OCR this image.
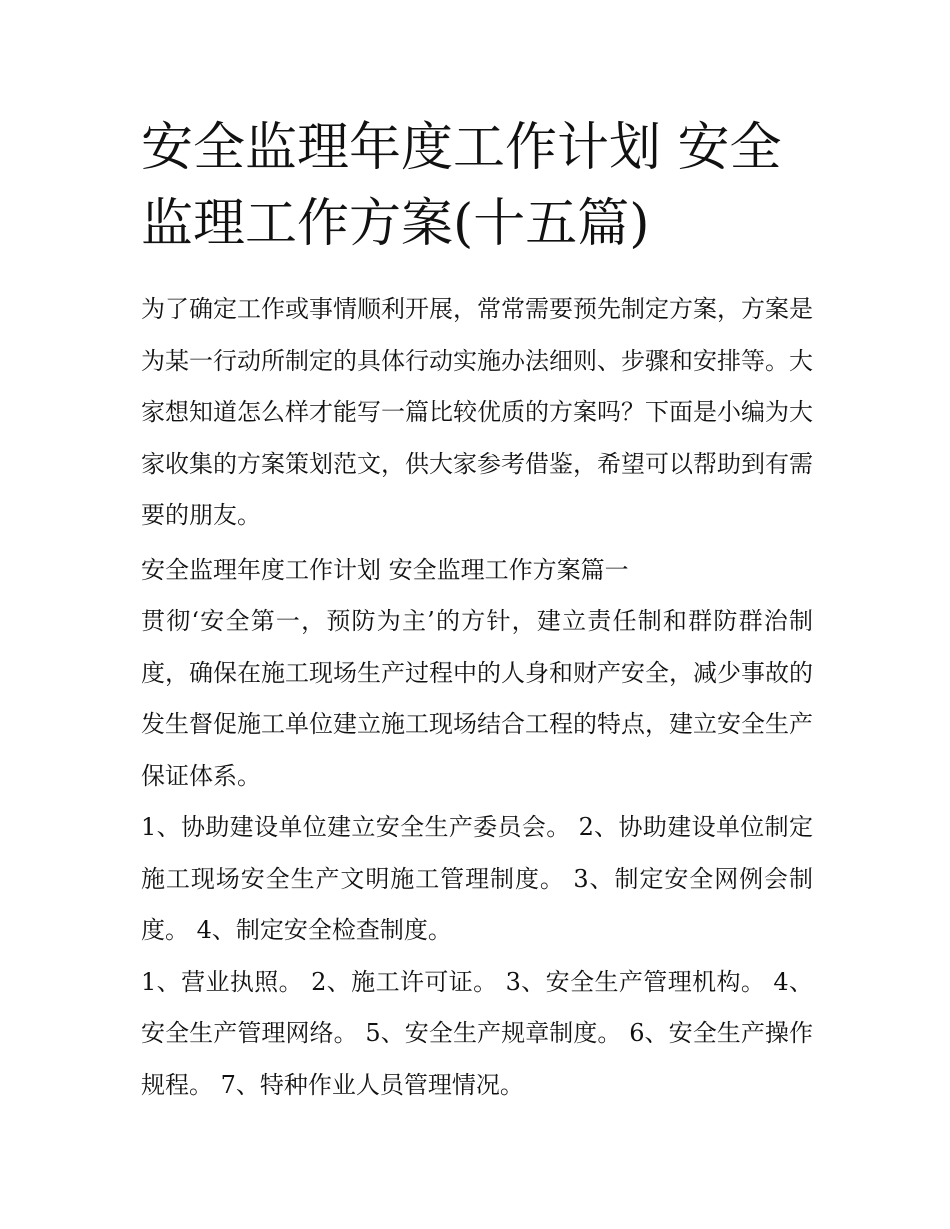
安全监理年度工作计划 安全监理工作方案(十五篇)

为了确定工作或事情顺利开展，常常需要预先制定方案，方案是为某一行动所制定的具体行动实施办法细则、步骤和安排等。大家想知道怎么样才能写一篇比较优质的方案吗？下面是小编为大家收集的方案策划范文，供大家参考借鉴，希望可以帮助到有需要的朋友。

安全监理年度工作计划 安全监理工作方案篇一

贯彻‘安全第一，预防为主’的方针，建立责任制和群防群治制度，确保在施工现场生产过程中的人身和财产安全，减少事故的发生督促施工单位建立施工现场结合工程的特点，建立安全生产保证体系。

1、协助建设单位建立安全生产委员会。 2、协助建设单位制定施工现场安全生产文明施工管理制度。 3、制定安全网例会制度。 4、制定安全检查制度。

1、营业执照。 2、施工许可证。 3、安全生产管理机构。 4、安全生产管理网络。 5、安全生产规章制度。 6、安全生产操作规程。 7、特种作业人员管理情况。
